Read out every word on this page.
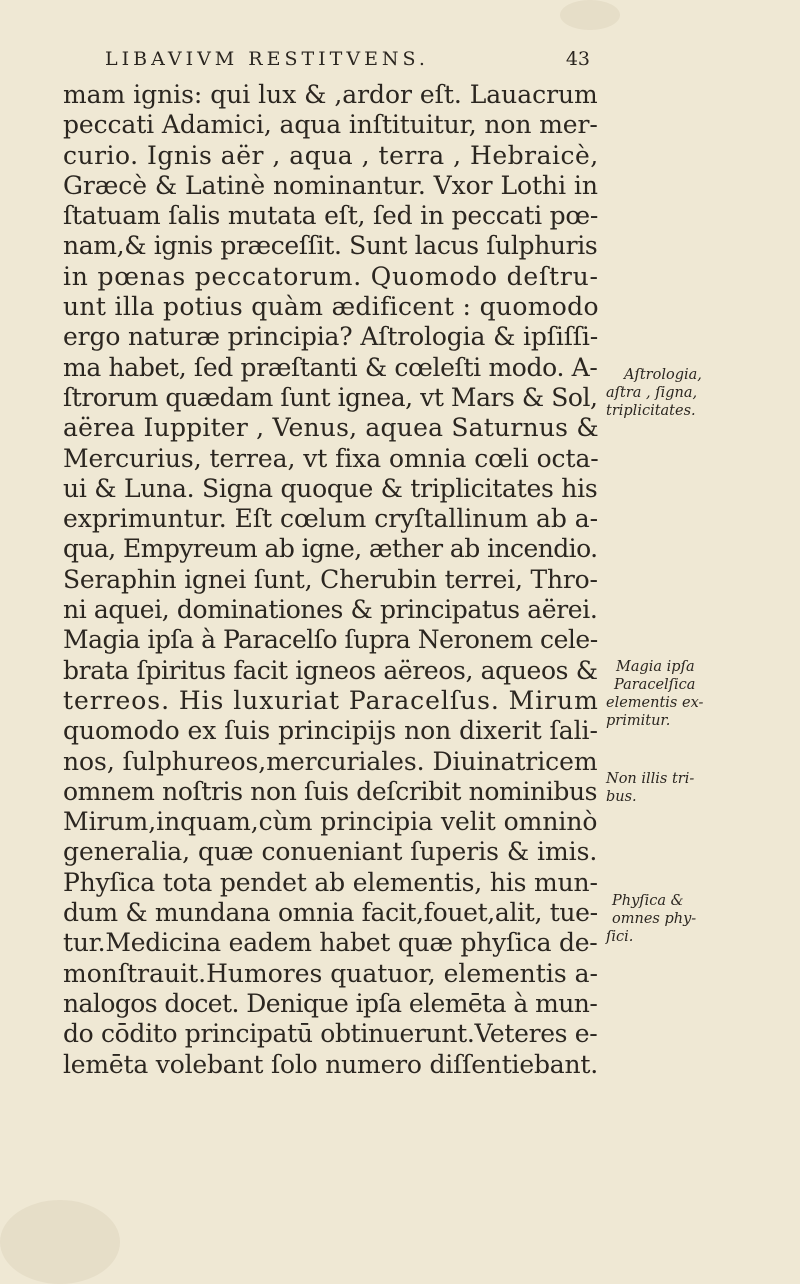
LIBAVIVM RESTITVENS.	43
mam ignis: qui lux & ,ardor eſt. Lauacrum
peccati Adamici, aqua inſtituitur, non mer-
curio. Ignis aër , aqua , terra , Hebraicè,
Græcè & Latinè nominantur. Vxor Lothi in
ſtatuam ſalis mutata eſt, ſed in peccati pœ-
nam,& ignis præceſſit. Sunt lacus ſulphuris
in pœnas peccatorum. Quomodo deſtru-
unt illa potius quàm ædificent : quomodo
ergo naturæ principia? Aſtrologia & ipſiſſi-
ma habet, ſed præſtanti & cœleſti modo. A-
ſtrorum quædam ſunt ignea, vt Mars & Sol,
aërea Iuppiter , Venus, aquea Saturnus &
Mercurius, terrea, vt fixa omnia cœli octa-
ui & Luna. Signa quoque & triplicitates his
exprimuntur. Eſt cœlum cryſtallinum ab a-
qua, Empyreum ab igne, æther ab incendio.
Seraphin ignei ſunt, Cherubin terrei, Thro-
ni aquei, dominationes & principatus aërei.
Magia ipſa à Paracelſo ſupra Neronem cele-
brata ſpiritus facit igneos aëreos, aqueos &
terreos. His luxuriat Paracelſus. Mirum
quomodo ex ſuis principijs non dixerit ſali-
nos, ſulphureos,mercuriales. Diuinatricem
omnem noſtris non ſuis deſcribit nominibus
Mirum,inquam,cùm principia velit omninò
generalia, quæ conueniant ſuperis & imis.
Phyſica tota pendet ab elementis, his mun-
dum & mundana omnia facit,fouet,alit, tue-
tur.Medicina eadem habet quæ phyſica de-
monſtrauit.Humores quatuor, elementis a-
nalogos docet. Denique ipſa elemēta à mun-
do cōdito principatū obtinuerunt.Veteres e-
lemēta volebant ſolo numero diſſentiebant.
Aſtrologia,
aſtra , ſigna,
triplicitates.
Magia ipſa
Paracelſica
elementis ex-
primitur.
Non illis tri-
bus.
Phyſica &
omnes phy-
ſici.
